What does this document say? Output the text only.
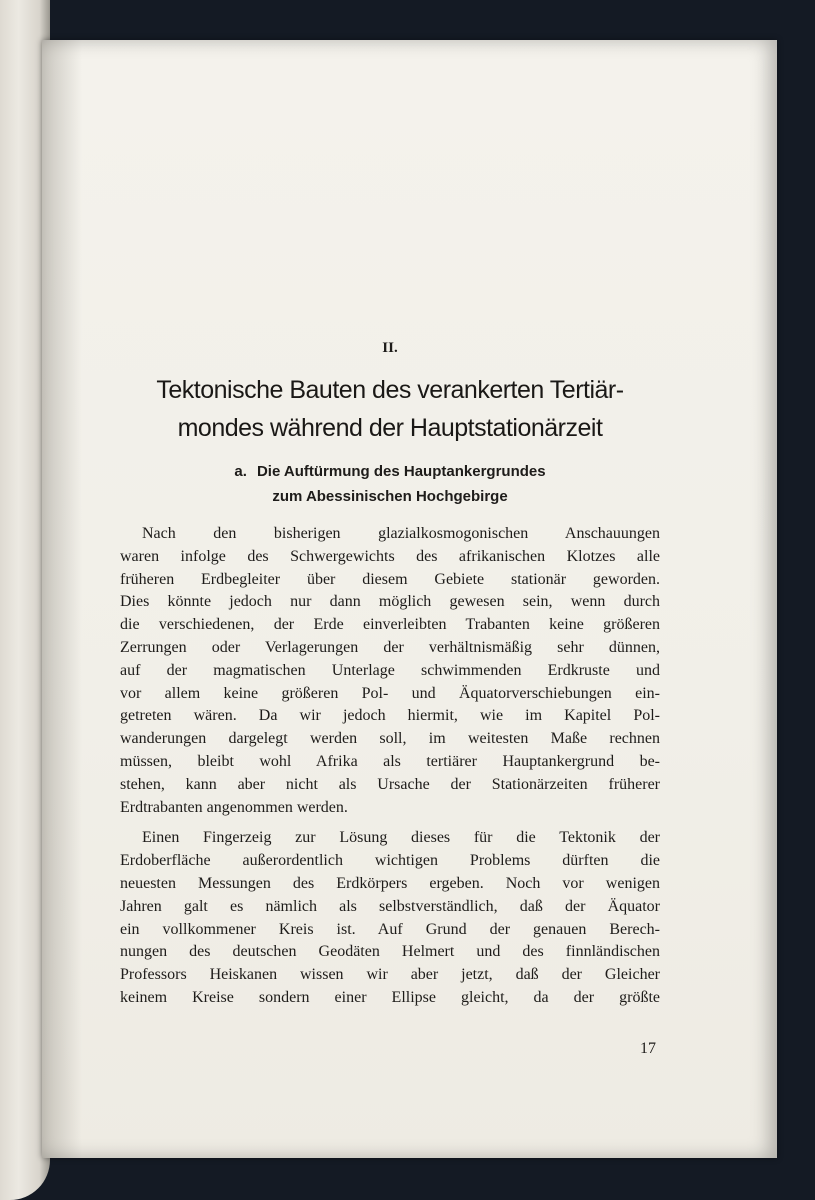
II.
Tektonische Bauten des verankerten Tertiär-
mondes während der Hauptstationärzeit
a. Die Auftürmung des Hauptankergrundes
zum Abessinischen Hochgebirge
Nach den bisherigen glazialkosmogonischen Anschauungen
waren infolge des Schwergewichts des afrikanischen Klotzes alle
früheren Erdbegleiter über diesem Gebiete stationär geworden.
Dies könnte jedoch nur dann möglich gewesen sein, wenn durch
die verschiedenen, der Erde einverleibten Trabanten keine größeren
Zerrungen oder Verlagerungen der verhältnismäßig sehr dünnen,
auf der magmatischen Unterlage schwimmenden Erdkruste und
vor allem keine größeren Pol- und Äquatorverschiebungen ein-
getreten wären. Da wir jedoch hiermit, wie im Kapitel Pol-
wanderungen dargelegt werden soll, im weitesten Maße rechnen
müssen, bleibt wohl Afrika als tertiärer Hauptankergrund be-
stehen, kann aber nicht als Ursache der Stationärzeiten früherer
Erdtrabanten angenommen werden.
Einen Fingerzeig zur Lösung dieses für die Tektonik der
Erdoberfläche außerordentlich wichtigen Problems dürften die
neuesten Messungen des Erdkörpers ergeben. Noch vor wenigen
Jahren galt es nämlich als selbstverständlich, daß der Äquator
ein vollkommener Kreis ist. Auf Grund der genauen Berech-
nungen des deutschen Geodäten Helmert und des finnländischen
Professors Heiskanen wissen wir aber jetzt, daß der Gleicher
keinem Kreise sondern einer Ellipse gleicht, da der größte
17
